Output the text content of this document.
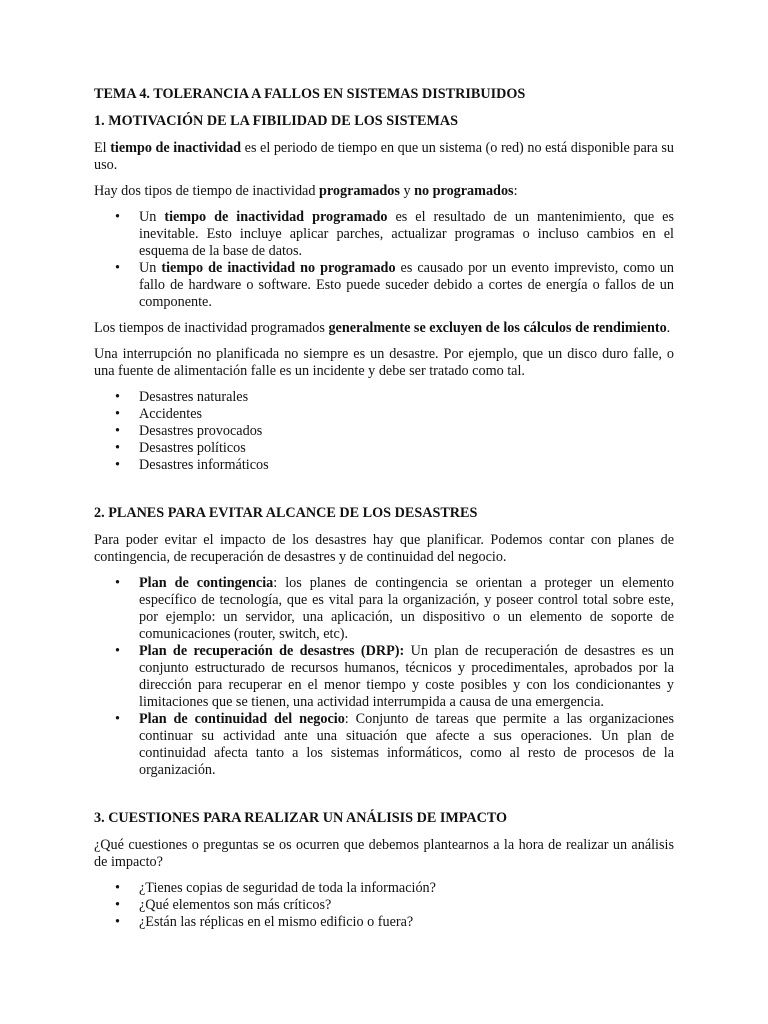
TEMA 4. TOLERANCIA A FALLOS EN SISTEMAS DISTRIBUIDOS
1. MOTIVACIÓN DE LA FIBILIDAD DE LOS SISTEMAS

El tiempo de inactividad es el periodo de tiempo en que un sistema (o red) no está disponible para su uso.

Hay dos tipos de tiempo de inactividad programados y no programados:

• Un tiempo de inactividad programado es el resultado de un mantenimiento, que es inevitable. Esto incluye aplicar parches, actualizar programas o incluso cambios en el esquema de la base de datos.
• Un tiempo de inactividad no programado es causado por un evento imprevisto, como un fallo de hardware o software. Esto puede suceder debido a cortes de energía o fallos de un componente.

Los tiempos de inactividad programados generalmente se excluyen de los cálculos de rendimiento.

Una interrupción no planificada no siempre es un desastre. Por ejemplo, que un disco duro falle, o una fuente de alimentación falle es un incidente y debe ser tratado como tal.

• Desastres naturales
• Accidentes
• Desastres provocados
• Desastres políticos
• Desastres informáticos
2. PLANES PARA EVITAR ALCANCE DE LOS DESASTRES

Para poder evitar el impacto de los desastres hay que planificar. Podemos contar con planes de contingencia, de recuperación de desastres y de continuidad del negocio.

• Plan de contingencia: los planes de contingencia se orientan a proteger un elemento específico de tecnología, que es vital para la organización, y poseer control total sobre este, por ejemplo: un servidor, una aplicación, un dispositivo o un elemento de soporte de comunicaciones (router, switch, etc).
• Plan de recuperación de desastres (DRP): Un plan de recuperación de desastres es un conjunto estructurado de recursos humanos, técnicos y procedimentales, aprobados por la dirección para recuperar en el menor tiempo y coste posibles y con los condicionantes y limitaciones que se tienen, una actividad interrumpida a causa de una emergencia.
• Plan de continuidad del negocio: Conjunto de tareas que permite a las organizaciones continuar su actividad ante una situación que afecte a sus operaciones. Un plan de continuidad afecta tanto a los sistemas informáticos, como al resto de procesos de la organización.
3. CUESTIONES PARA REALIZAR UN ANÁLISIS DE IMPACTO

¿Qué cuestiones o preguntas se os ocurren que debemos plantearnos a la hora de realizar un análisis de impacto?

• ¿Tienes copias de seguridad de toda la información?
• ¿Qué elementos son más críticos?
• ¿Están las réplicas en el mismo edificio o fuera?
